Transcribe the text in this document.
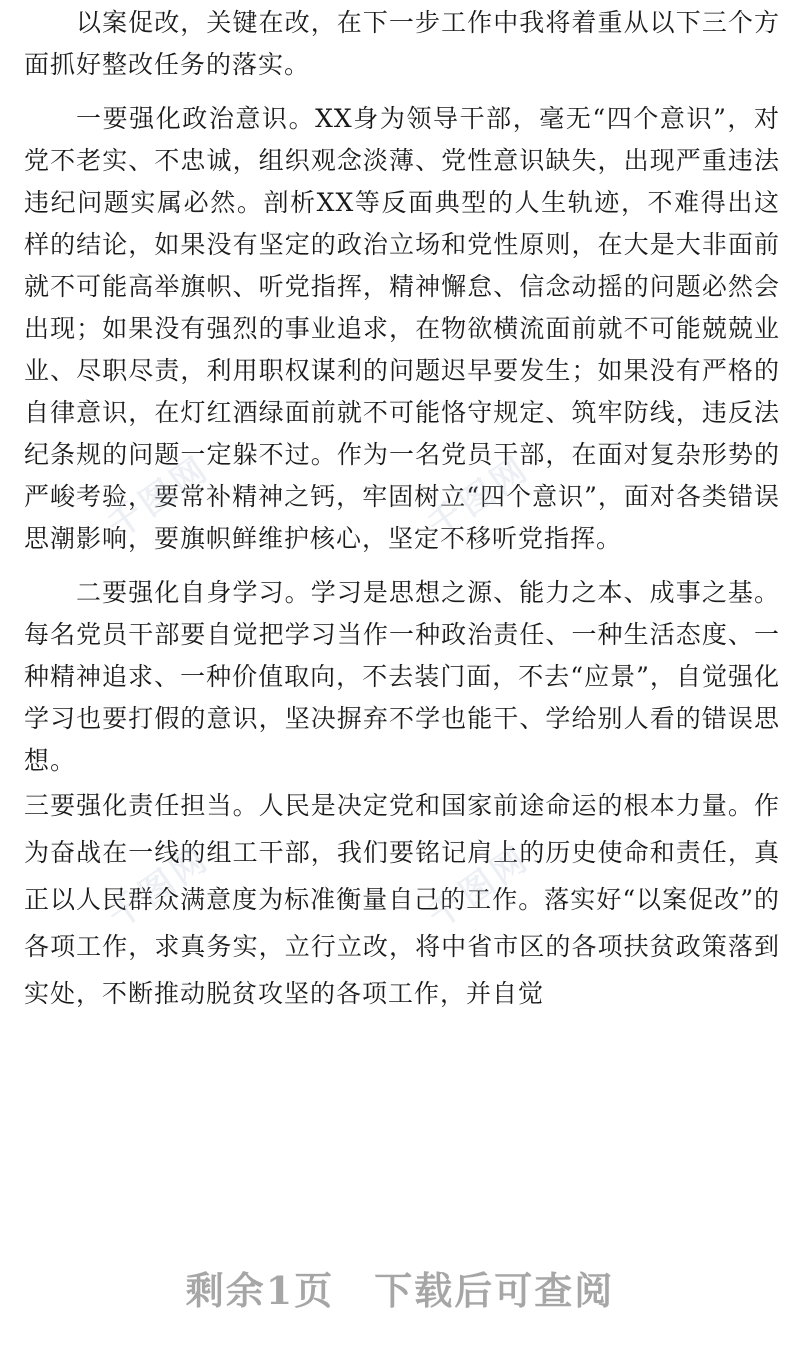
以案促改，关键在改，在下一步工作中我将着重从以下三个方面抓好整改任务的落实。

一要强化政治意识。XX身为领导干部，毫无“四个意识”，对党不老实、不忠诚，组织观念淡薄、党性意识缺失，出现严重违法违纪问题实属必然。剖析XX等反面典型的人生轨迹，不难得出这样的结论，如果没有坚定的政治立场和党性原则，在大是大非面前就不可能高举旗帜、听党指挥，精神懈怠、信念动摇的问题必然会出现；如果没有强烈的事业追求，在物欲横流面前就不可能兢兢业业、尽职尽责，利用职权谋利的问题迟早要发生；如果没有严格的自律意识，在灯红酒绿面前就不可能恪守规定、筑牢防线，违反法纪条规的问题一定躲不过。作为一名党员干部，在面对复杂形势的严峻考验，要常补精神之钙，牢固树立“四个意识”，面对各类错误思潮影响，要旗帜鲜维护核心，坚定不移听党指挥。

二要强化自身学习。学习是思想之源、能力之本、成事之基。每名党员干部要自觉把学习当作一种政治责任、一种生活态度、一种精神追求、一种价值取向，不去装门面，不去“应景”，自觉强化学习也要打假的意识，坚决摒弃不学也能干、学给别人看的错误思想。

三要强化责任担当。人民是决定党和国家前途命运的根本力量。作为奋战在一线的组工干部，我们要铭记肩上的历史使命和责任，真正以人民群众满意度为标准衡量自己的工作。落实好“以案促改”的各项工作，求真务实，立行立改，将中省市区的各项扶贫政策落到实处，不断推动脱贫攻坚的各项工作，并自觉

千图网	千图网
千图网	千图网
剩余1页 下载后可查阅
